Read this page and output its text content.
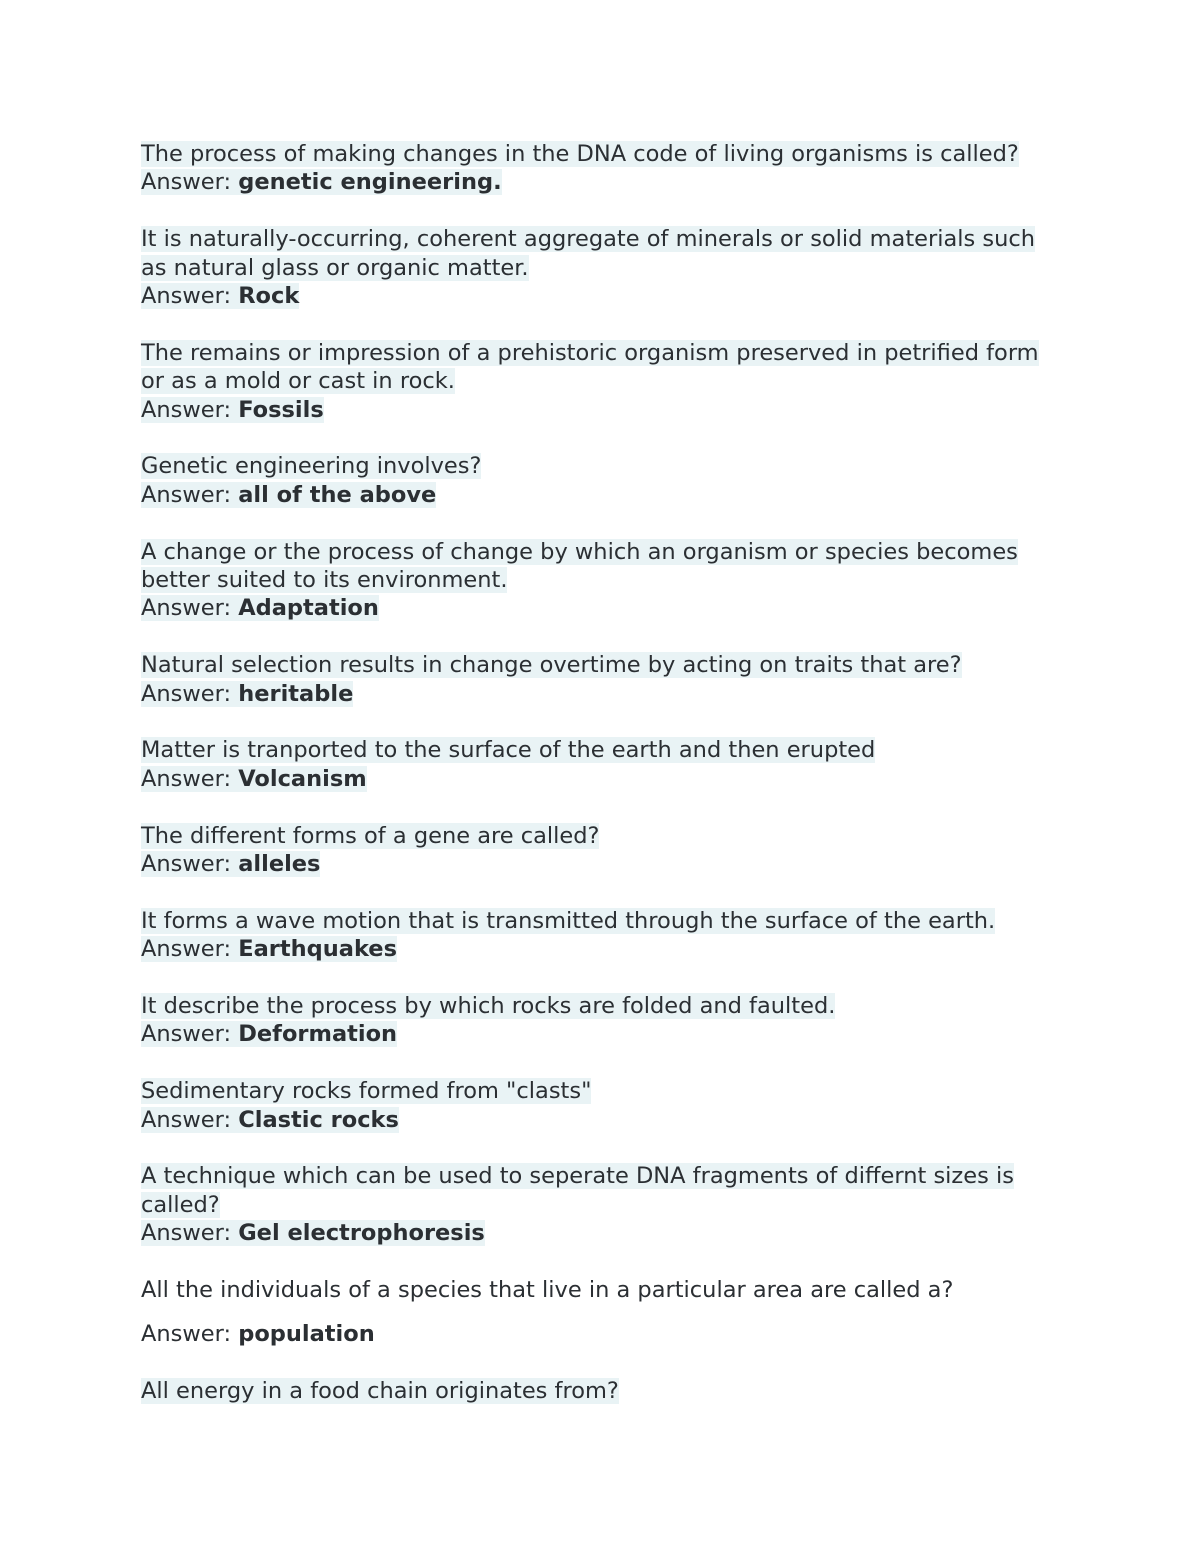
The process of making changes in the DNA code of living organisms is called?
Answer: genetic engineering.
It is naturally-occurring, coherent aggregate of minerals or solid materials such
as natural glass or organic matter.
Answer: Rock
The remains or impression of a prehistoric organism preserved in petrified form
or as a mold or cast in rock.
Answer: Fossils
Genetic engineering involves?
Answer: all of the above
A change or the process of change by which an organism or species becomes
better suited to its environment.
Answer: Adaptation
Natural selection results in change overtime by acting on traits that are?
Answer: heritable
Matter is tranported to the surface of the earth and then erupted
Answer: Volcanism
The different forms of a gene are called?
Answer: alleles
It forms a wave motion that is transmitted through the surface of the earth.
Answer: Earthquakes
It describe the process by which rocks are folded and faulted.
Answer: Deformation
Sedimentary rocks formed from "clasts"
Answer: Clastic rocks
A technique which can be used to seperate DNA fragments of differnt sizes is
called?
Answer: Gel electrophoresis
All the individuals of a species that live in a particular area are called a?
Answer: population
All energy in a food chain originates from?
